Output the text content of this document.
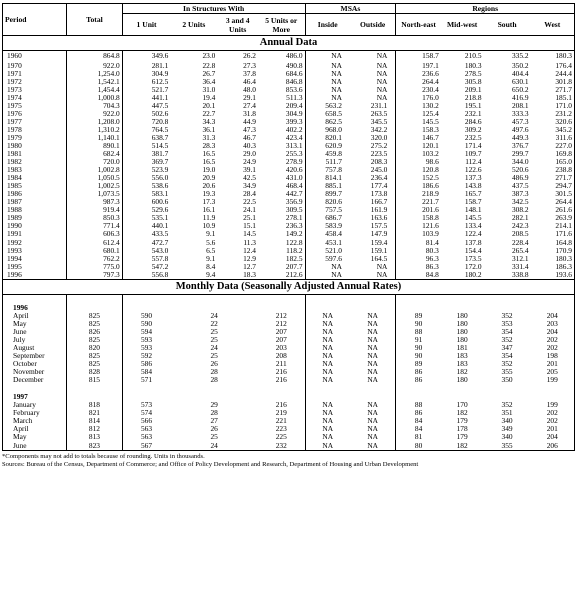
Period	Total	In Structures With				MSAs		Regions			
		1 Unit	2 Units	3 and 4 Units	5 Units or More	Inside	Outside	North-east	Mid-west	South	West
Annual Data											
1960	864.8	349.6	23.0	26.2	486.0	NA	NA	158.7	210.5	335.2	180.3
1970	922.0	281.1	22.8	27.3	490.8	NA	NA	197.1	180.3	350.2	176.4
1971	1,254.0	304.9	26.7	37.8	684.6	NA	NA	236.6	278.5	404.4	244.4
1972	1,542.1	612.5	36.4	46.4	846.8	NA	NA	264.4	305.8	630.1	301.8
1973	1,454.4	521.7	31.0	48.0	853.6	NA	NA	230.4	209.1	650.2	271.7
1974	1,000.8	441.1	19.4	29.1	511.3	NA	NA	176.0	218.8	416.9	185.1
1975	704.3	447.5	20.1	27.4	209.4	563.2	231.1	130.2	195.1	208.1	171.0
1976	922.0	502.6	22.7	31.8	304.9	658.5	263.5	125.4	232.1	333.3	231.2
1977	1,208.0	720.8	34.3	44.9	399.3	862.5	345.5	145.5	284.6	457.3	320.6
1978	1,310.2	764.5	36.1	47.3	402.2	968.0	342.2	158.3	309.2	497.6	345.2
1979	1,140.1	638.7	31.3	46.7	423.4	820.1	320.0	146.7	232.5	449.3	311.6
1980	890.1	514.5	28.3	40.3	313.1	620.9	275.2	120.1	171.4	376.7	227.0
1981	682.4	381.7	16.5	29.0	255.3	459.8	223.5	103.2	109.7	299.7	169.8
1982	720.0	369.7	16.5	24.9	278.9	511.7	208.3	98.6	112.4	344.0	165.0
1983	1,002.8	523.9	19.0	39.1	420.6	757.8	245.0	120.8	122.6	520.6	238.8
1984	1,050.5	556.0	20.9	42.5	431.0	814.1	236.4	152.5	137.3	486.9	271.7
1985	1,002.5	538.6	20.6	34.9	468.4	885.1	177.4	186.6	143.8	437.5	294.7
1986	1,073.5	583.1	19.3	28.4	442.7	899.7	173.8	218.9	165.7	387.3	301.5
1987	987.3	600.6	17.3	22.5	356.9	820.6	166.7	221.7	158.7	342.5	264.4
1988	919.4	529.6	16.1	24.1	309.5	757.5	161.9	201.6	148.1	308.2	261.6
1989	850.3	535.1	11.9	25.1	278.1	686.7	163.6	158.8	145.5	282.1	263.9
1990	771.4	440.1	10.9	15.1	236.3	583.9	157.5	121.6	133.4	242.3	214.1
1991	606.3	433.5	9.1	14.5	149.2	458.4	147.9	103.9	122.4	208.5	171.6
1992	612.4	472.7	5.6	11.3	122.8	453.1	159.4	81.4	137.8	228.4	164.8
1993	680.1	543.0	6.5	12.4	118.2	521.0	159.1	80.3	154.4	265.4	170.9
1994	762.2	557.8	9.1	12.9	182.5	597.6	164.5	96.3	173.5	312.1	180.3
1995	775.0	547.2	8.4	12.7	207.7	NA	NA	86.3	172.0	331.4	186.3
1996	797.3	556.8	9.4	18.3	212.6	NA	NA	84.8	180.2	338.8	193.6
Monthly Data (Seasonally Adjusted Annual Rates)											

1996											
April	825	590	24		212	NA	NA	89	180	352	204
May	825	590	22		212	NA	NA	90	180	353	203
June	826	594	25		207	NA	NA	88	180	354	204
July	825	593	25		207	NA	NA	91	180	352	202
August	820	593	24		203	NA	NA	90	181	347	202
September	825	592	25		208	NA	NA	90	183	354	198
October	825	586	26		211	NA	NA	89	183	352	201
November	828	584	28		216	NA	NA	86	182	355	205
December	815	571	28		216	NA	NA	86	180	350	199

1997											
January	818	573	29		216	NA	NA	88	170	352	199
February	821	574	28		219	NA	NA	86	182	351	202
March	814	566	27		221	NA	NA	84	179	340	202
April	812	563	26		223	NA	NA	84	178	349	201
May	813	563	25		225	NA	NA	81	179	340	204
June	823	567	24		232	NA	NA	80	182	355	206
*Components may not add to totals because of rounding. Units in thousands.
Sources: Bureau of the Census, Department of Commerce; and Office of Policy Development and Research, Department of Housing and Urban Development
